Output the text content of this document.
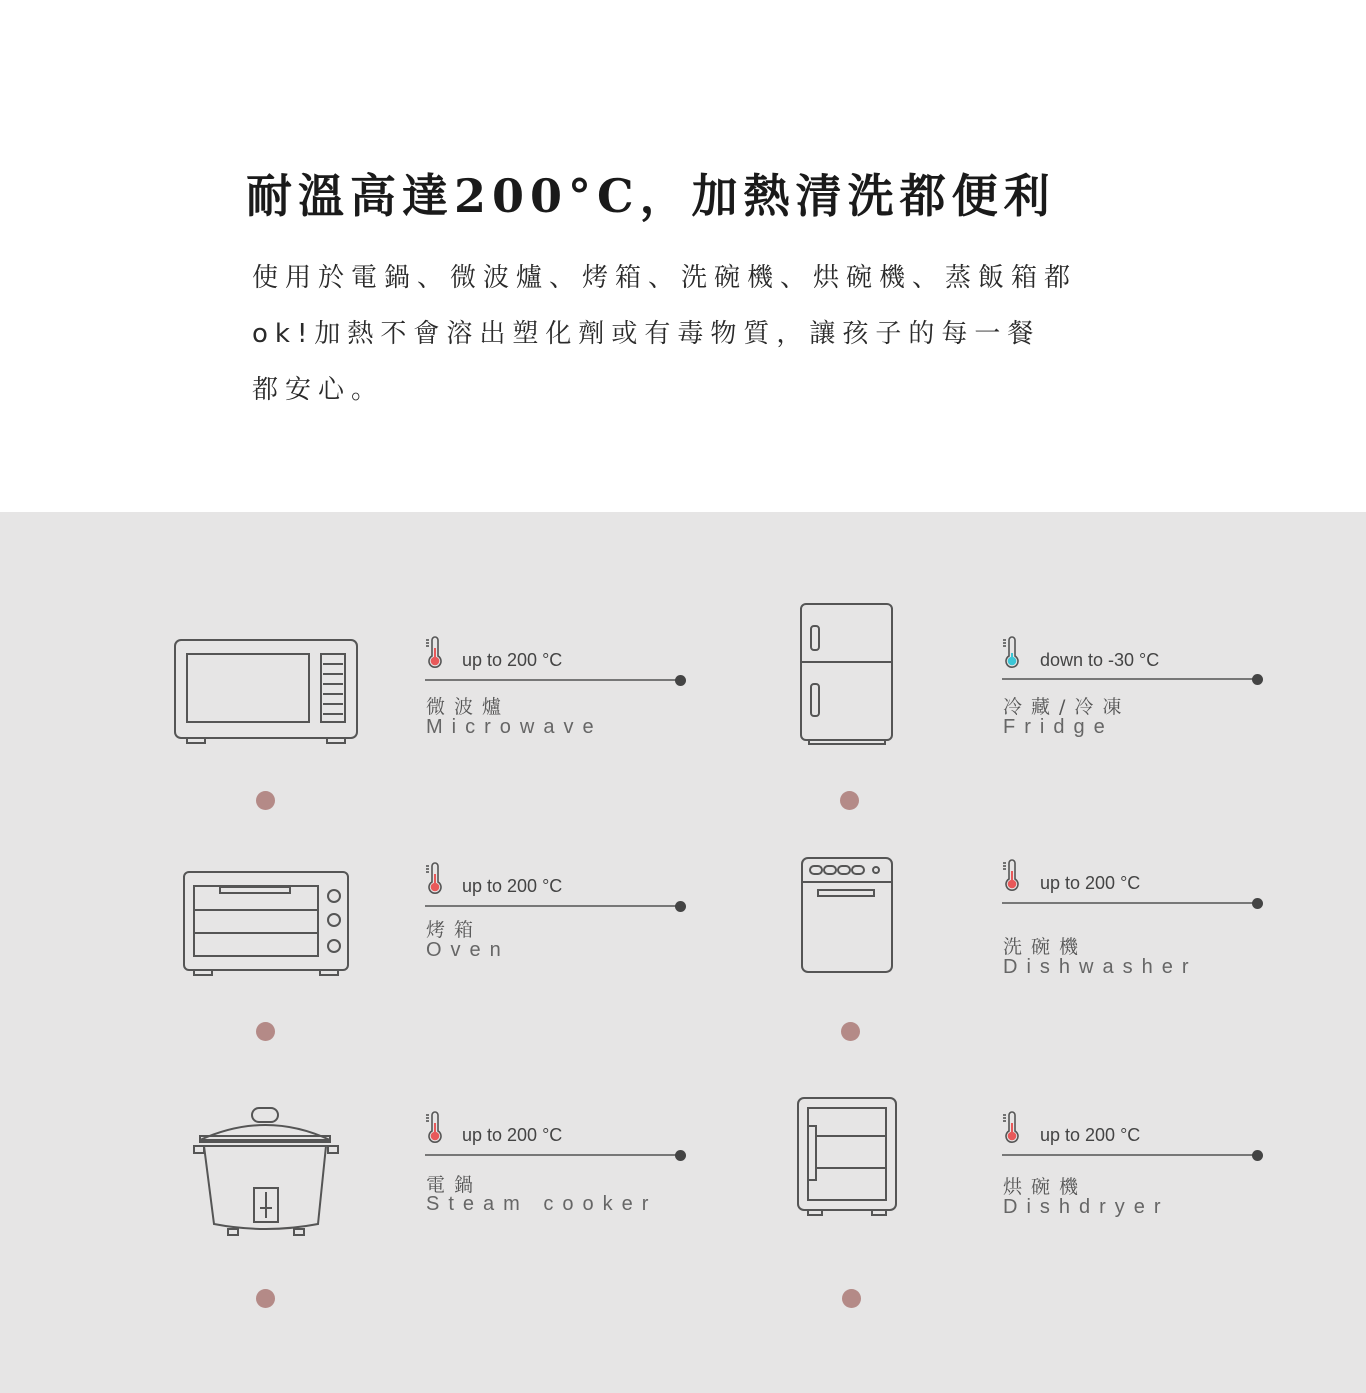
耐溫高達200°C，加熱清洗都便利

使用於電鍋、微波爐、烤箱、洗碗機、烘碗機、蒸飯箱都
ok!加熱不會溶出塑化劑或有毒物質，讓孩子的每一餐
都安心。

up to 200 °C
微波爐
Microwave
down to -30 °C
冷藏/冷凍
Fridge
up to 200 °C
烤箱
Oven
up to 200 °C
洗碗機
Dishwasher
up to 200 °C
電鍋
Steam cooker
up to 200 °C
烘碗機
Dishdryer
